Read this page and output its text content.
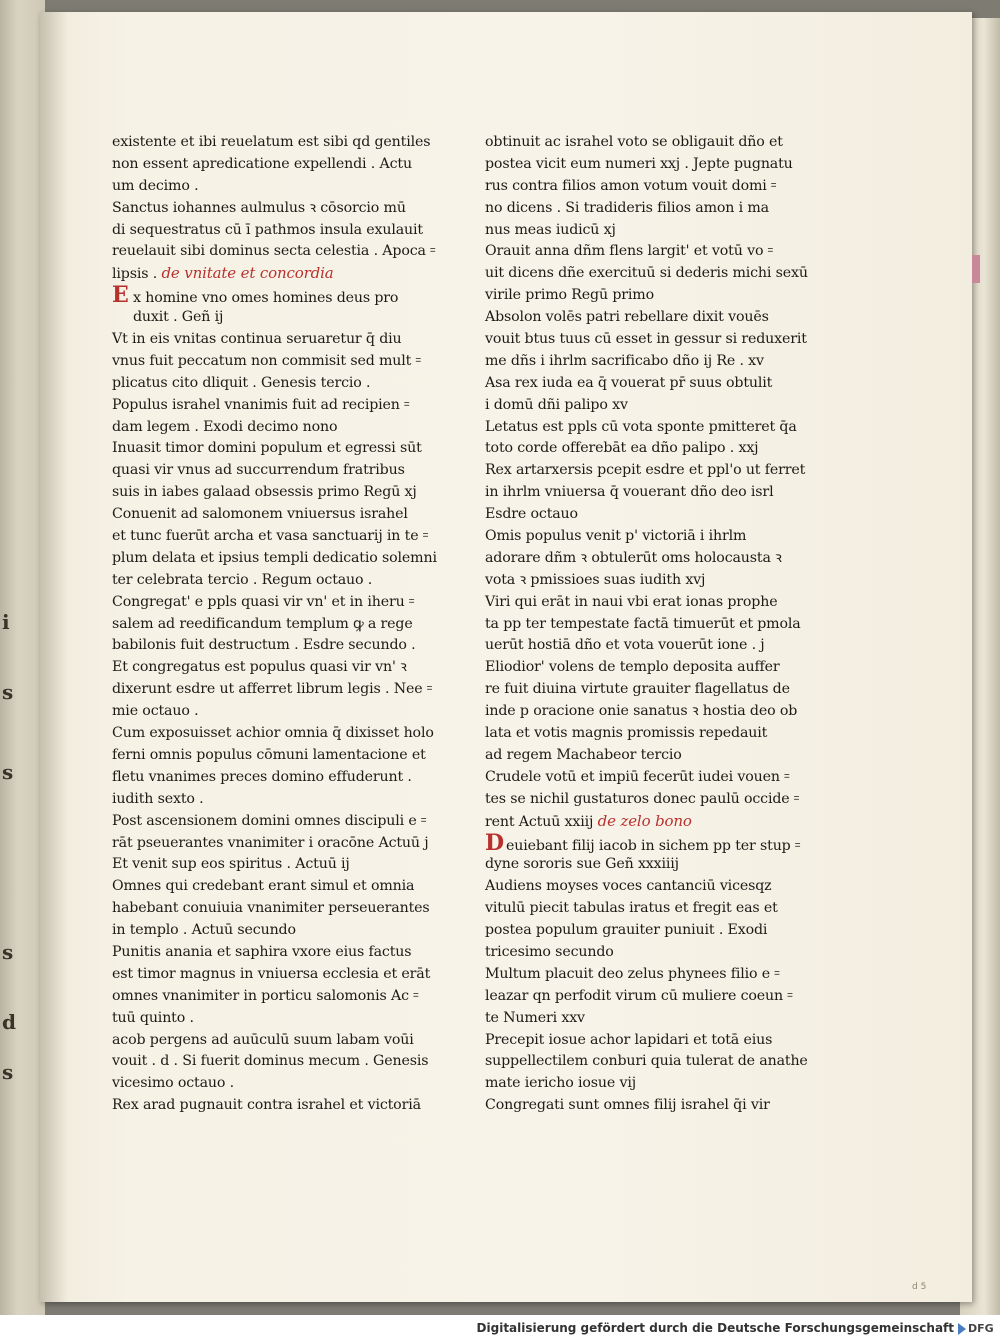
i
s
s
s
d
s
existente et ibi reuelatum est sibi qd gentiles
non essent apredicatione expellendi . Actu
um decimo .
Sanctus iohannes aulmulus ꝛ cōsorcio mū
di sequestratus cū ī pathmos insula exulauit
reuelauit sibi dominus secta celestia . Apoca ꞊
lipsis . de vnitate et concordia
Ex homine vno omes homines deus pro
duxit . Geñ ij
Vt in eis vnitas continua seruaretur q̄ diu
vnus fuit peccatum non commisit sed mult ꞊
plicatus cito dliquit . Genesis tercio .
Populus israhel vnanimis fuit ad recipien ꞊
dam legem . Exodi decimo nono
Inuasit timor domini populum et egressi sūt
quasi vir vnus ad succurrendum fratribus
suis in iabes galaad obsessis primo Regū xj
Conuenit ad salomonem vniuersus israhel
et tunc fuerūt archa et vasa sanctuarij in te ꞊
plum delata et ipsius templi dedicatio solemni
ter celebrata tercio . Regum octauo .
Congregat' e ppls quasi vir vn' et in iheru ꞊
salem ad reedificandum templum ꝙ a rege
babilonis fuit destructum . Esdre secundo .
Et congregatus est populus quasi vir vn' ꝛ
dixerunt esdre ut afferret librum legis . Nee ꞊
mie octauo .
Cum exposuisset achior omnia q̄ dixisset holo
ferni omnis populus cōmuni lamentacione et
fletu vnanimes preces domino effuderunt .
iudith sexto .
Post ascensionem domini omnes discipuli e ꞊
rāt pseuerantes vnanimiter i oracōne Actuū j
Et venit sup eos spiritus . Actuū ij
Omnes qui credebant erant simul et omnia
habebant conuiuia vnanimiter perseuerantes
in templo . Actuū secundo
Punitis anania et saphira vxore eius factus
est timor magnus in vniuersa ecclesia et erāt
omnes vnanimiter in porticu salomonis Ac ꞊
tuū quinto .
acob pergens ad auūculū suum labam voūi
vouit . d . Si fuerit dominus mecum . Genesis
vicesimo octauo .
Rex arad pugnauit contra israhel et victoriā
obtinuit ac israhel voto se obligauit dño et
postea vicit eum numeri xxj . Jepte pugnatu
rus contra filios amon votum vouit domi ꞊
no dicens . Si tradideris filios amon i ma
nus meas iudicū xj
Orauit anna dñm flens largit' et votū vo ꞊
uit dicens dñe exercituū si dederis michi sexū
virile primo Regū primo
Absolon volēs patri rebellare dixit vouēs
vouit btus tuus cū esset in gessur si reduxerit
me dñs i ihrlm sacrificabo dño ij Re . xv
Asa rex iuda ea q̄ vouerat pr̄ suus obtulit
i domū dñi palipo xv
Letatus est ppls cū vota sponte pmitteret q̄a
toto corde offerebāt ea dño palipo . xxj
Rex artarxersis pcepit esdre et ppl'o ut ferret
in ihrlm vniuersa q̄ vouerant dño deo isrl
Esdre octauo
Omis populus venit p' victoriā i ihrlm
adorare dñm ꝛ obtulerūt oms holocausta ꝛ
vota ꝛ pmissioes suas iudith xvj
Viri qui erāt in naui vbi erat ionas prophe
ta pp ter tempestate factā timuerūt et pmola
uerūt hostiā dño et vota vouerūt ione . j
Eliodior' volens de templo deposita auffer
re fuit diuina virtute grauiter flagellatus de
inde p oracione onie sanatus ꝛ hostia deo ob
lata et votis magnis promissis repedauit
ad regem Machabeor tercio
Crudele votū et impiū fecerūt iudei vouen ꞊
tes se nichil gustaturos donec paulū occide ꞊
rent Actuū xxiij de zelo bono
Deuiebant filij iacob in sichem pp ter stup ꞊
dyne sororis sue Geñ xxxiiij
Audiens moyses voces cantanciū vicesqz
vitulū piecit tabulas iratus et fregit eas et
postea populum grauiter puniuit . Exodi
tricesimo secundo
Multum placuit deo zelus phynees filio e ꞊
leazar qn perfodit virum cū muliere coeun ꞊
te Numeri xxv
Precepit iosue achor lapidari et totā eius
suppellectilem conburi quia tulerat de anathe
mate iericho iosue vij
Congregati sunt omnes filij israhel q̄i vir
d 5
Digitalisierung gefördert durch die Deutsche Forschungsgemeinschaft DFG
